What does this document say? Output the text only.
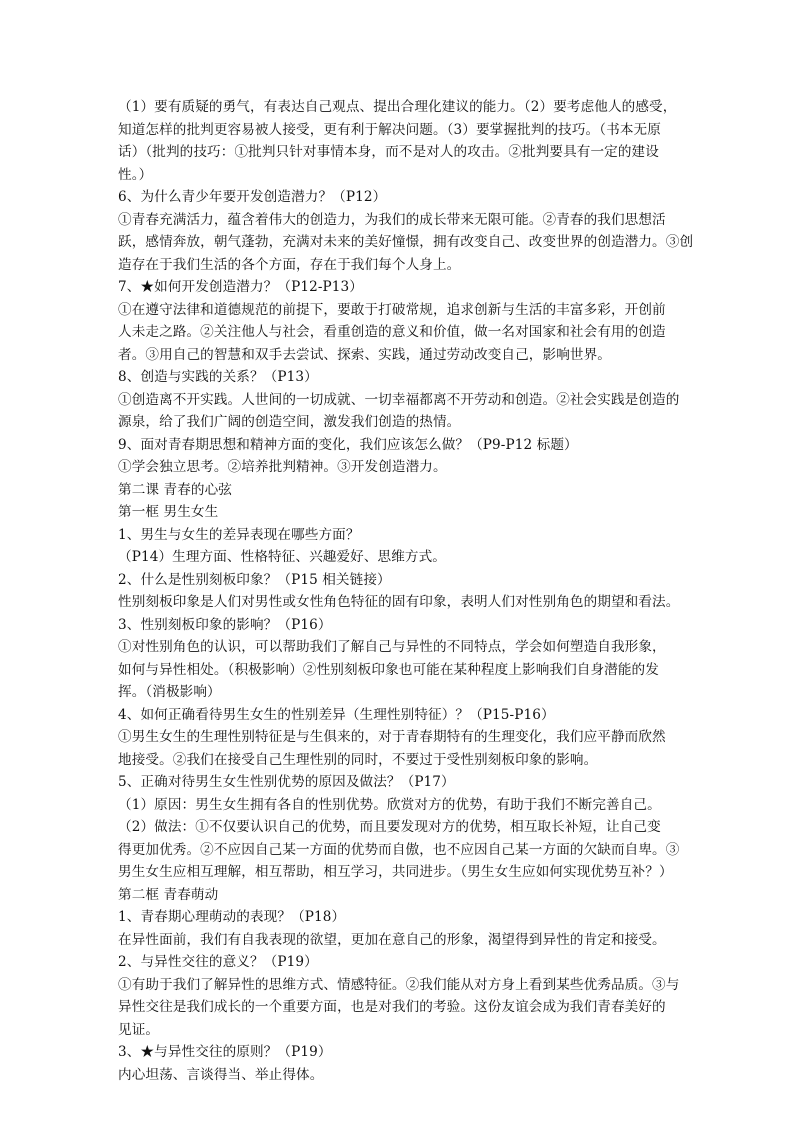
（1）要有质疑的勇气，有表达自己观点、提出合理化建议的能力。（2）要考虑他人的感受，
知道怎样的批判更容易被人接受，更有利于解决问题。（3）要掌握批判的技巧。（书本无原
话）（批判的技巧：①批判只针对事情本身，而不是对人的攻击。②批判要具有一定的建设
性。）
6、为什么青少年要开发创造潜力？（P12）
①青春充满活力，蕴含着伟大的创造力，为我们的成长带来无限可能。②青春的我们思想活
跃，感情奔放，朝气蓬勃，充满对未来的美好憧憬，拥有改变自己、改变世界的创造潜力。③创
造存在于我们生活的各个方面，存在于我们每个人身上。
7、★如何开发创造潜力？（P12-P13）
①在遵守法律和道德规范的前提下，要敢于打破常规，追求创新与生活的丰富多彩，开创前
人未走之路。②关注他人与社会，看重创造的意义和价值，做一名对国家和社会有用的创造
者。③用自己的智慧和双手去尝试、探索、实践，通过劳动改变自己，影响世界。
8、创造与实践的关系？（P13）
①创造离不开实践。人世间的一切成就、一切幸福都离不开劳动和创造。②社会实践是创造的
源泉，给了我们广阔的创造空间，激发我们创造的热情。
9、面对青春期思想和精神方面的变化，我们应该怎么做？（P9-P12 标题）
①学会独立思考。②培养批判精神。③开发创造潜力。
第二课 青春的心弦
第一框 男生女生
1、男生与女生的差异表现在哪些方面？
（P14）生理方面、性格特征、兴趣爱好、思维方式。
2、什么是性别刻板印象？（P15 相关链接）
性别刻板印象是人们对男性或女性角色特征的固有印象，表明人们对性别角色的期望和看法。
3、性别刻板印象的影响？（P16）
①对性别角色的认识，可以帮助我们了解自己与异性的不同特点，学会如何塑造自我形象，
如何与异性相处。（积极影响）②性别刻板印象也可能在某种程度上影响我们自身潜能的发
挥。（消极影响）
4、如何正确看待男生女生的性别差异（生理性别特征）？（P15-P16）
①男生女生的生理性别特征是与生俱来的，对于青春期特有的生理变化，我们应平静而欣然
地接受。②我们在接受自己生理性别的同时，不要过于受性别刻板印象的影响。
5、正确对待男生女生性别优势的原因及做法？（P17）
（1）原因：男生女生拥有各自的性别优势。欣赏对方的优势，有助于我们不断完善自己。
（2）做法：①不仅要认识自己的优势，而且要发现对方的优势，相互取长补短，让自己变
得更加优秀。②不应因自己某一方面的优势而自傲，也不应因自己某一方面的欠缺而自卑。③
男生女生应相互理解，相互帮助，相互学习，共同进步。（男生女生应如何实现优势互补？）
第二框 青春萌动
1、青春期心理萌动的表现？（P18）
在异性面前，我们有自我表现的欲望，更加在意自己的形象，渴望得到异性的肯定和接受。
2、与异性交往的意义？（P19）
①有助于我们了解异性的思维方式、情感特征。②我们能从对方身上看到某些优秀品质。③与
异性交往是我们成长的一个重要方面，也是对我们的考验。这份友谊会成为我们青春美好的
见证。
3、★与异性交往的原则？（P19）
内心坦荡、言谈得当、举止得体。
